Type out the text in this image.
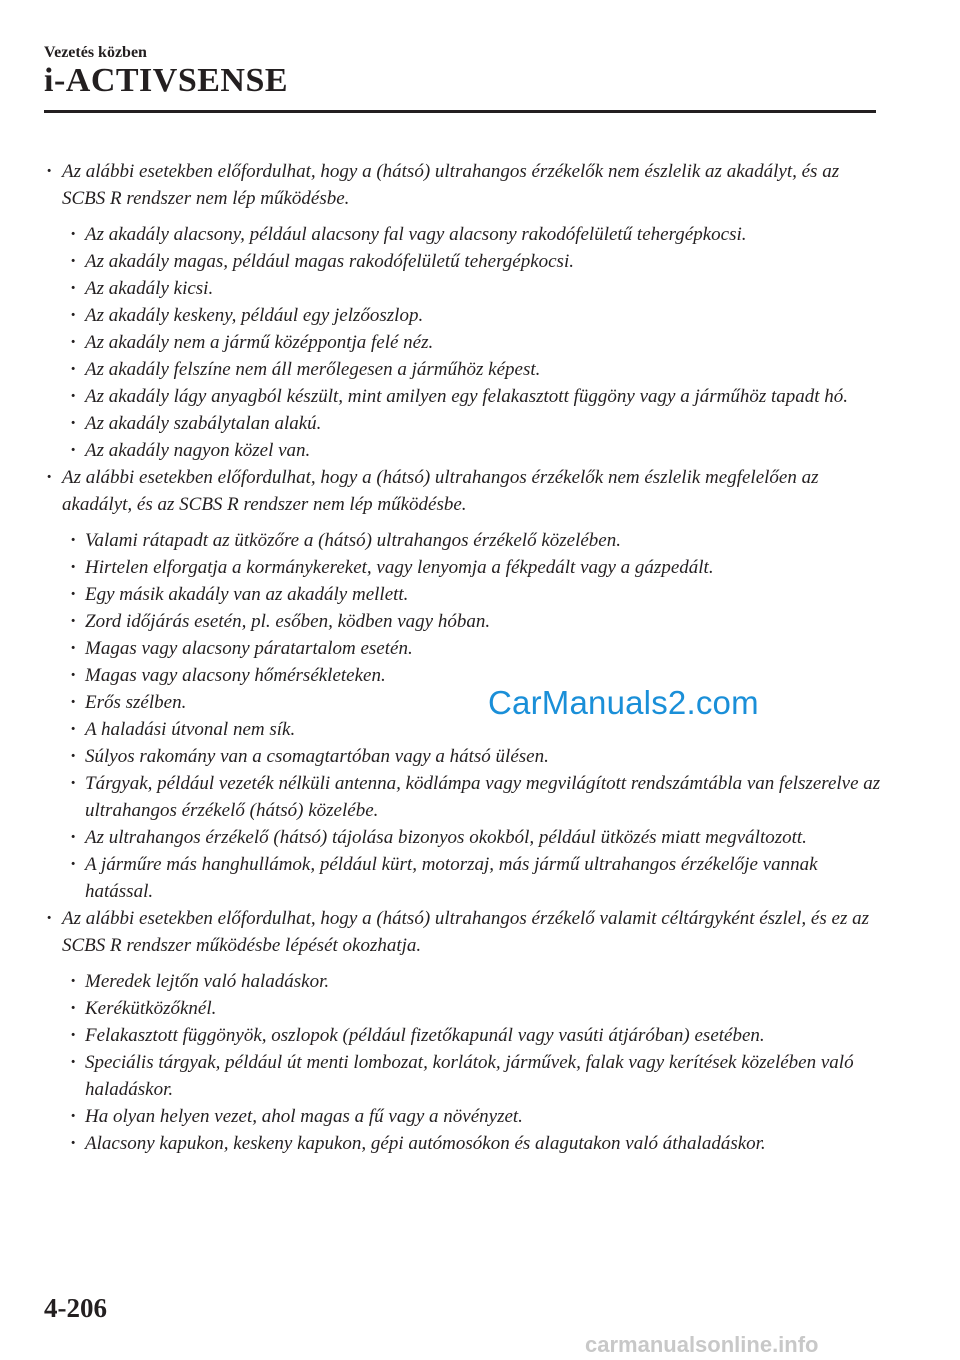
Vezetés közben
i-ACTIVSENSE

· Az alábbi esetekben előfordulhat, hogy a (hátsó) ultrahangos érzékelők nem észlelik az akadályt, és az SCBS R rendszer nem lép működésbe.

· Az akadály alacsony, például alacsony fal vagy alacsony rakodófelületű tehergépkocsi.

· Az akadály magas, például magas rakodófelületű tehergépkocsi.

· Az akadály kicsi.

· Az akadály keskeny, például egy jelzőoszlop.

· Az akadály nem a jármű középpontja felé néz.

· Az akadály felszíne nem áll merőlegesen a járműhöz képest.

· Az akadály lágy anyagból készült, mint amilyen egy felakasztott függöny vagy a járműhöz tapadt hó.

· Az akadály szabálytalan alakú.

· Az akadály nagyon közel van.

· Az alábbi esetekben előfordulhat, hogy a (hátsó) ultrahangos érzékelők nem észlelik megfelelően az akadályt, és az SCBS R rendszer nem lép működésbe.

· Valami rátapadt az ütközőre a (hátsó) ultrahangos érzékelő közelében.

· Hirtelen elforgatja a kormánykereket, vagy lenyomja a fékpedált vagy a gázpedált.

· Egy másik akadály van az akadály mellett.

· Zord időjárás esetén, pl. esőben, ködben vagy hóban.

· Magas vagy alacsony páratartalom esetén.

· Magas vagy alacsony hőmérsékleteken.

· Erős szélben.

· A haladási útvonal nem sík.

· Súlyos rakomány van a csomagtartóban vagy a hátsó ülésen.

· Tárgyak, például vezeték nélküli antenna, ködlámpa vagy megvilágított rendszámtábla van felszerelve az ultrahangos érzékelő (hátsó) közelébe.

· Az ultrahangos érzékelő (hátsó) tájolása bizonyos okokból, például ütközés miatt megváltozott.

· A járműre más hanghullámok, például kürt, motorzaj, más jármű ultrahangos érzékelője vannak hatással.

· Az alábbi esetekben előfordulhat, hogy a (hátsó) ultrahangos érzékelő valamit céltárgyként észlel, és ez az SCBS R rendszer működésbe lépését okozhatja.

· Meredek lejtőn való haladáskor.

· Kerékütközőknél.

· Felakasztott függönyök, oszlopok (például fizetőkapunál vagy vasúti átjáróban) esetében.

· Speciális tárgyak, például út menti lombozat, korlátok, járművek, falak vagy kerítések közelében való haladáskor.

· Ha olyan helyen vezet, ahol magas a fű vagy a növényzet.

· Alacsony kapukon, keskeny kapukon, gépi autómosókon és alagutakon való áthaladáskor.

CarManuals2.com
4-206
carmanualsonline.info
